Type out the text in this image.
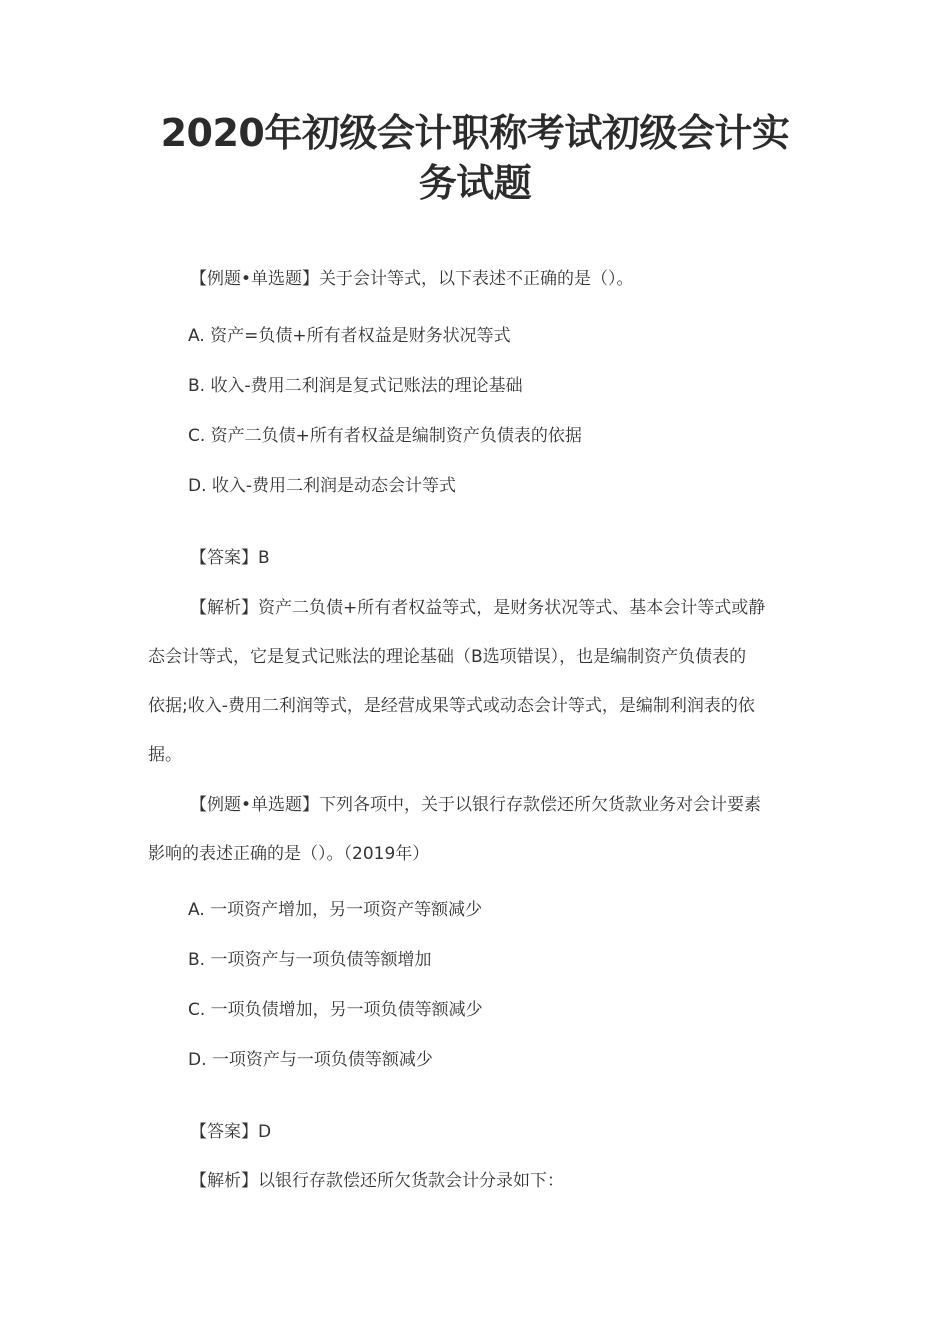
2020年初级会计职称考试初级会计实
务试题
【例题•单选题】关于会计等式，以下表述不正确的是（）。
A. 资产=负债+所有者权益是财务状况等式
B. 收入-费用二利润是复式记账法的理论基础
C. 资产二负债+所有者权益是编制资产负债表的依据
D. 收入-费用二利润是动态会计等式
【答案】B
【解析】资产二负债+所有者权益等式，是财务状况等式、基本会计等式或静
态会计等式，它是复式记账法的理论基础（B选项错误），也是编制资产负债表的
依据;收入-费用二利润等式，是经营成果等式或动态会计等式，是编制利润表的依
据。
【例题•单选题】下列各项中，关于以银行存款偿还所欠货款业务对会计要素
影响的表述正确的是（）。（2019年）
A. 一项资产增加，另一项资产等额减少
B. 一项资产与一项负债等额增加
C. 一项负债增加，另一项负债等额减少
D. 一项资产与一项负债等额减少
【答案】D
【解析】以银行存款偿还所欠货款会计分录如下：
